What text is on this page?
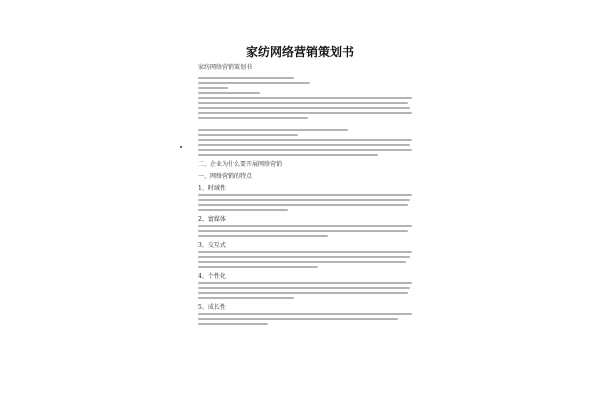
家纺网络营销策划书
家纺网络营销策划书
二、企业为什么要开展网络营销
一、网络营销的特点
1、时域性
2、富媒体
3、交互式
4、个性化
5、成长性
